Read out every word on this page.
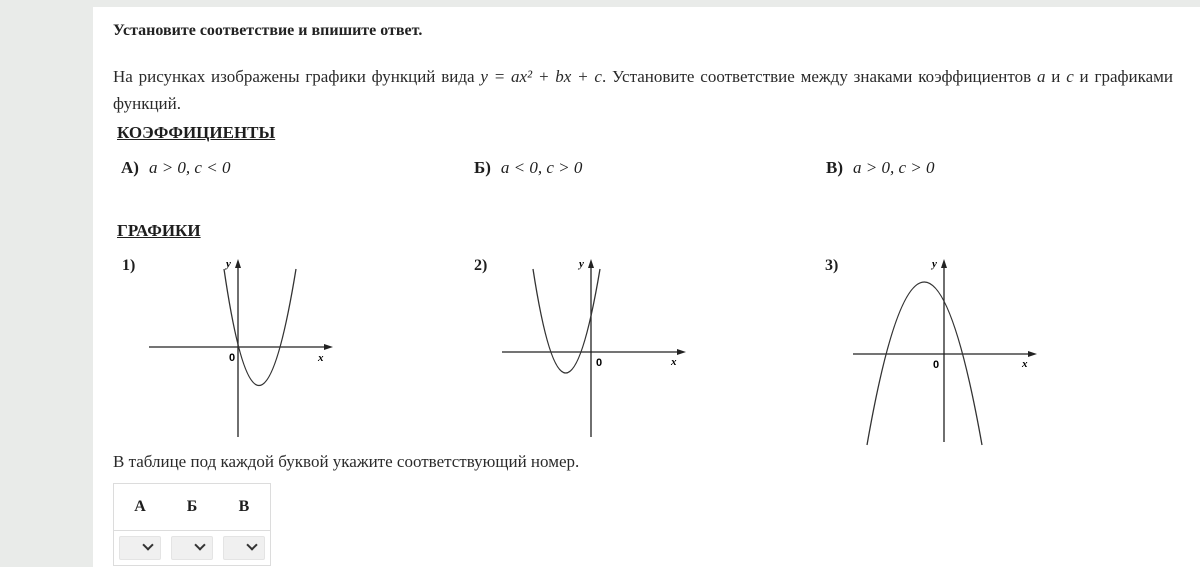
Установите соответствие и впишите ответ.
На рисунках изображены графики функций вида y = ax² + bx + c. Установите соответствие между знаками коэффициентов a и c и графиками функций.
КОЭФФИЦИЕНТЫ
А) a > 0, c < 0	Б) a < 0, c > 0	В) a > 0, c > 0
ГРАФИКИ
1)	y
x
0
2)	y
x
0
3)	y
x
0
В таблице под каждой буквой укажите соответствующий номер.
А	Б	В
